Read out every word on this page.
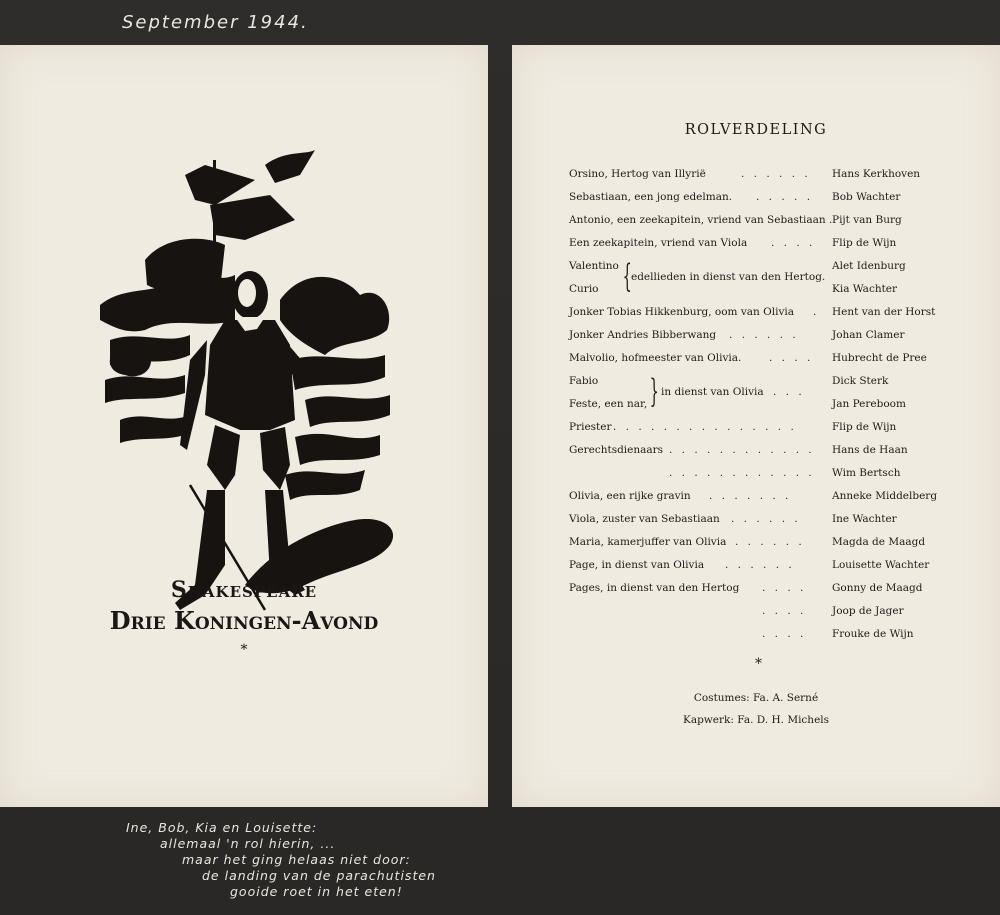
September 1944.
TM.
Shakespeare
Drie Koningen-Avond
*
ROLVERDELING
Orsino, Hertog van Illyrië	. . . . . . Hans Kerkhoven
Sebastiaan, een jong edelman. . . . . . Bob Wachter
Antonio, een zeekapitein, vriend van Sebastiaan . Pijt van Burg
Een zeekapitein, vriend van Viola . . . . Flip de Wijn
Valentino	Alet Idenburg
Curio	Kia Wachter
{ edellieden in dienst van den Hertog.
Jonker Tobias Hikkenburg, oom van Olivia . Hent van der Horst
Jonker Andries Bibberwang . . . . . .	Johan Clamer
Malvolio, hofmeester van Olivia.	. . . . Hubrecht de Pree
Fabio	Dick Sterk
Feste, een nar,	Jan Pereboom
} in dienst van Olivia . . .
Priester . . . . . . . . . . . . . . .	Flip de Wijn
Gerechtsdienaars . . . . . . . . . . . . Hans de Haan
. . . . . . . . . . . . Wim Bertsch
Olivia, een rijke gravin . . . . . . .	Anneke Middelberg
Viola, zuster van Sebastiaan . . . . . .	Ine Wachter
Maria, kamerjuffer van Olivia . . . . . .	Magda de Maagd
Page, in dienst van Olivia . . . . . .	Louisette Wachter
Pages, in dienst van den Hertog . . . . Gonny de Maagd
. . . . Joop de Jager
. . . . Frouke de Wijn
*
Costumes: Fa. A. Serné
Kapwerk: Fa. D. H. Michels
Ine, Bob, Kia en Louisette:
allemaal 'n rol hierin, ...
maar het ging helaas niet door:
de landing van de parachutisten
gooide roet in het eten!
